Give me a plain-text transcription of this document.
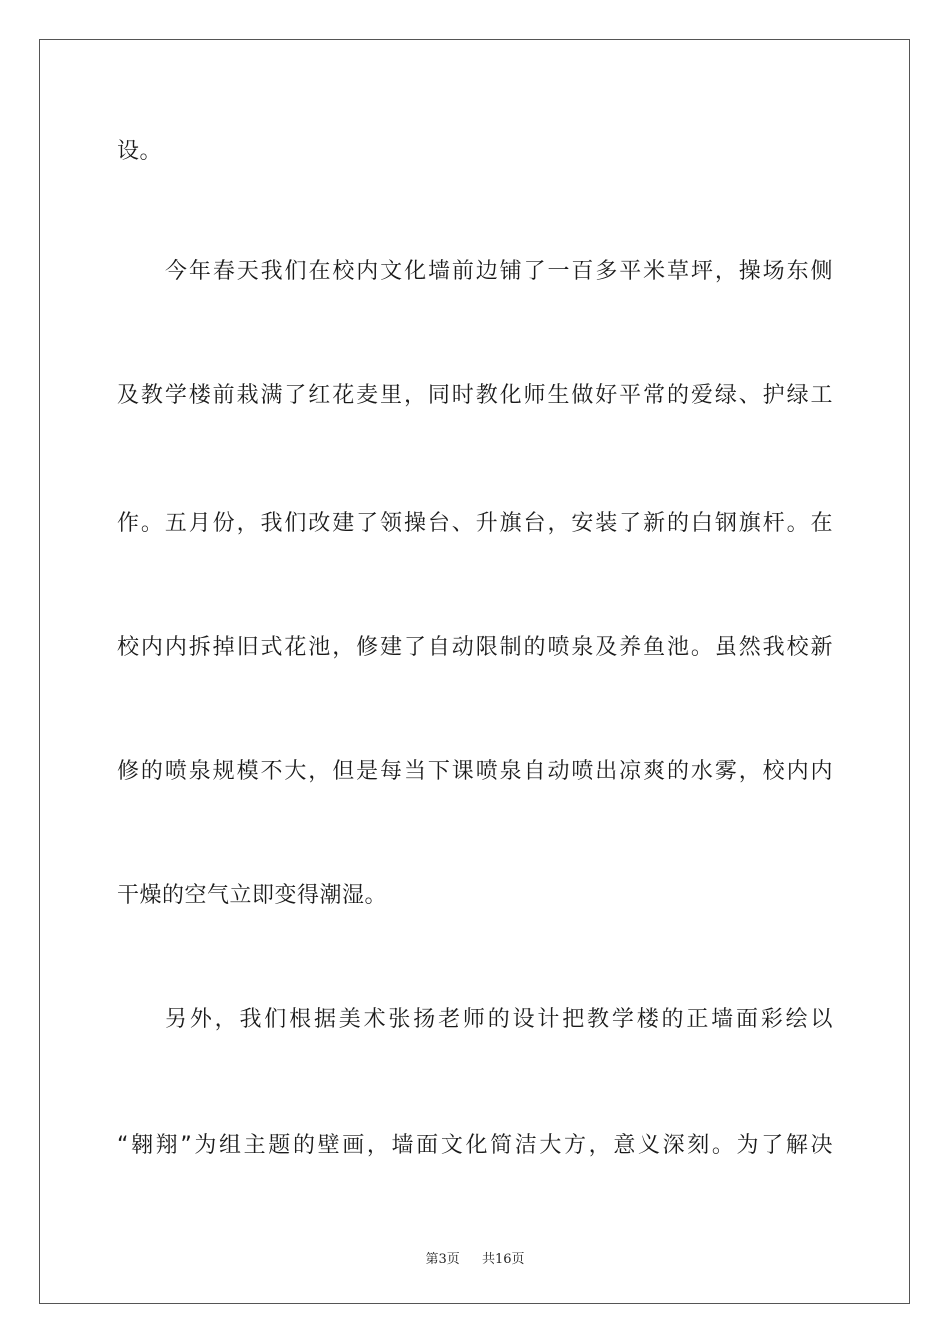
设。
今年春天我们在校内文化墙前边铺了一百多平米草坪，操场东侧
及教学楼前栽满了红花麦里，同时教化师生做好平常的爱绿、护绿工
作。五月份，我们改建了领操台、升旗台，安装了新的白钢旗杆。在
校内内拆掉旧式花池，修建了自动限制的喷泉及养鱼池。虽然我校新
修的喷泉规模不大，但是每当下课喷泉自动喷出凉爽的水雾，校内内
干燥的空气立即变得潮湿。
另外，我们根据美术张扬老师的设计把教学楼的正墙面彩绘以
“翱翔”为组主题的壁画，墙面文化简洁大方，意义深刻。为了解决
第3页 共16页
